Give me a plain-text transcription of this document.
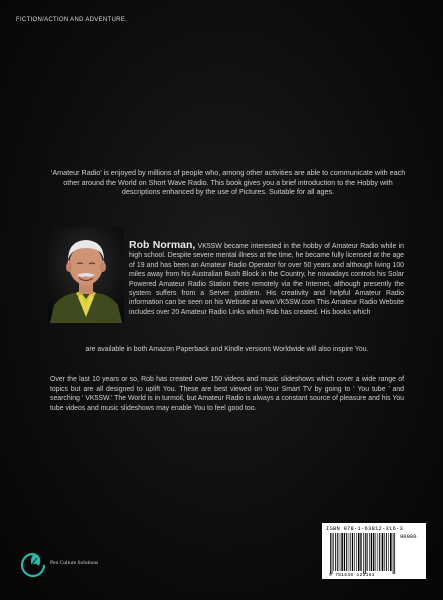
FICTION/ACTION AND ADVENTURE.
‘Amateur Radio’ is enjoyed by millions of people who, among other activities are able to communicate with each other around the World on Short Wave Radio. This book gives you a brief introduction to the Hobby with descriptions enhanced by the use of Pictures. Suitable for all ages.
Rob Norman, VK5SW became interested in the hobby of Amateur Radio while in high school. Despite severe mental illness at the time, he became fully licensed at the age of 19 and has been an Amateur Radio Operator for over 50 years and although living 100 miles away from his Australian Bush Block in the Country, he nowadays controls his Solar Powered Amateur Radio Station there remotely via the Internet, although presently the system suffers from a Server problem. His creativity and helpful Amateur Radio information can be seen on his Website at www.VK5SW.com This Amateur Radio Website includes over 20 Amateur Radio Links which Rob has created. His books which
are available in both Amazon Paperback and Kindle versions Worldwide will also inspire You.
Over the last 10 years or so, Rob has created over 150 videos and music slideshows which cover a wide range of topics but are all designed to uplift You. These are best viewed on Your Smart TV by going to ‘ You tube ’ and searching ‘ VK5SW.’ The World is in turmoil, but Amateur Radio is always a constant source of pleasure and his You tube videos and music slideshows may enable You to feel good too.
ISBN 978-1-63812-316-3
90000
9 781638 123163
Pen Culture Solutions
